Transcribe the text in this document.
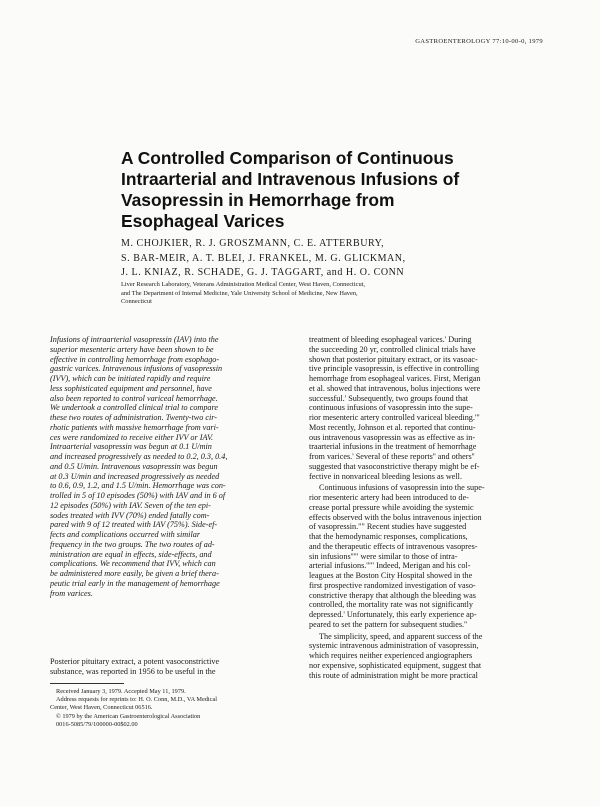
GASTROENTEROLOGY 77:10-00-0, 1979
A Controlled Comparison of Continuous
Intraarterial and Intravenous Infusions of
Vasopressin in Hemorrhage from
Esophageal Varices
M. CHOJKIER, R. J. GROSZMANN, C. E. ATTERBURY,
S. BAR-MEIR, A. T. BLEI, J. FRANKEL, M. G. GLICKMAN,
J. L. KNIAZ, R. SCHADE, G. J. TAGGART, and H. O. CONN
Liver Research Laboratory, Veterans Administration Medical Center, West Haven, Connecticut,
and The Department of Internal Medicine, Yale University School of Medicine, New Haven,
Connecticut
Infusions of intraarterial vasopressin (IAV) into the
superior mesenteric artery have been shown to be
effective in controlling hemorrhage from esophago-
gastric varices. Intravenous infusions of vasopressin
(IVV), which can be initiated rapidly and require
less sophisticated equipment and personnel, have
also been reported to control variceal hemorrhage.
We undertook a controlled clinical trial to compare
these two routes of administration. Twenty-two cir-
rhotic patients with massive hemorrhage from vari-
ces were randomized to receive either IVV or IAV.
Intraarterial vasopressin was begun at 0.1 U/min
and increased progressively as needed to 0.2, 0.3, 0.4,
and 0.5 U/min. Intravenous vasopressin was begun
at 0.3 U/min and increased progressively as needed
to 0.6, 0.9, 1.2, and 1.5 U/min. Hemorrhage was con-
trolled in 5 of 10 episodes (50%) with IAV and in 6 of
12 episodes (50%) with IAV. Seven of the ten epi-
sodes treated with IVV (70%) ended fatally com-
pared with 9 of 12 treated with IAV (75%). Side-ef-
fects and complications occurred with similar
frequency in the two groups. The two routes of ad-
ministration are equal in effects, side-effects, and
complications. We recommend that IVV, which can
be administered more easily, be given a brief thera-
peutic trial early in the management of hemorrhage
from varices.
Posterior pituitary extract, a potent vasoconstrictive
substance, was reported in 1956 to be useful in the
Received January 3, 1979. Accepted May 11, 1979.
Address requests for reprints to: H. O. Conn, M.D., VA Medical
Center, West Haven, Connecticut 06516.
© 1979 by the American Gastroenterological Association
0016-5085/79/100000-00$02.00
treatment of bleeding esophageal varices.' During
the succeeding 20 yr, controlled clinical trials have
shown that posterior pituitary extract, or its vasoac-
tive principle vasopressin, is effective in controlling
hemorrhage from esophageal varices. First, Merigan
et al. showed that intravenous, bolus injections were
successful.' Subsequently, two groups found that
continuous infusions of vasopressin into the supe-
rior mesenteric artery controlled variceal bleeding.'"
Most recently, Johnson et al. reported that continu-
ous intravenous vasopressin was as effective as in-
traarterial infusions in the treatment of hemorrhage
from varices.' Several of these reports'' and others''
suggested that vasoconstrictive therapy might be ef-
fective in nonvariceal bleeding lesions as well.
Continuous infusions of vasopressin into the supe-
rior mesenteric artery had been introduced to de-
crease portal pressure while avoiding the systemic
effects observed with the bolus intravenous injection
of vasopressin."" Recent studies have suggested
that the hemodynamic responses, complications,
and the therapeutic effects of intravenous vasopres-
sin infusions'''" were similar to those of intra-
arterial infusions.'''" Indeed, Merigan and his col-
leagues at the Boston City Hospital showed in the
first prospective randomized investigation of vaso-
constrictive therapy that although the bleeding was
controlled, the mortality rate was not significantly
depressed.' Unfortunately, this early experience ap-
peared to set the pattern for subsequent studies.''
The simplicity, speed, and apparent success of the
systemic intravenous administration of vasopressin,
which requires neither experienced angiographers
nor expensive, sophisticated equipment, suggest that
this route of administration might be more practical
